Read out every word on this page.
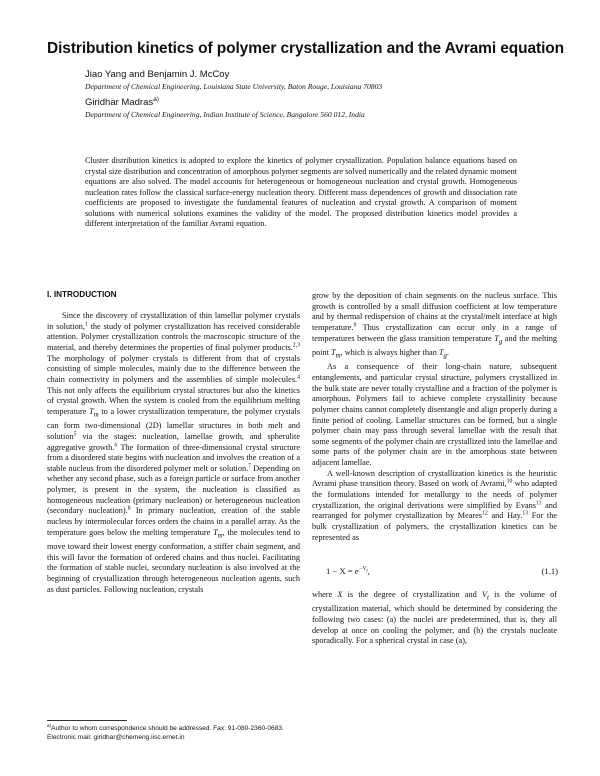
Distribution kinetics of polymer crystallization and the Avrami equation
Jiao Yang and Benjamin J. McCoy
Department of Chemical Engineering, Louisiana State University, Baton Rouge, Louisiana 70803
Giridhar Madras$^{a)}$
Department of Chemical Engineering, Indian Institute of Science, Bangalore 560 012, India
Cluster distribution kinetics is adopted to explore the kinetics of polymer crystallization. Population balance equations based on crystal size distribution and concentration of amorphous polymer segments are solved numerically and the related dynamic moment equations are also solved. The model accounts for heterogeneous or homogeneous nucleation and crystal growth. Homogeneous nucleation rates follow the classical surface-energy nucleation theory. Different mass dependences of growth and dissociation rate coefficients are proposed to investigate the fundamental features of nucleation and crystal growth. A comparison of moment solutions with numerical solutions examines the validity of the model. The proposed distribution kinetics model provides a different interpretation of the familiar Avrami equation.
I. INTRODUCTION

Since the discovery of crystallization of thin lamellar polymer crystals in solution,$^1$ the study of polymer crystallization has received considerable attention. Polymer crystallization controls the macroscopic structure of the material, and thereby determines the properties of final polymer products.$^{2,3}$ The morphology of polymer crystals is different from that of crystals consisting of simple molecules, mainly due to the difference between the chain connectivity in polymers and the assemblies of simple molecules.$^4$ This not only affects the equilibrium crystal structures but also the kinetics of crystal growth. When the system is cooled from the equilibrium melting temperature $T_m$ to a lower crystallization temperature, the polymer crystals can form two-dimensional (2D) lamellar structures in both melt and solution$^5$ via the stages: nucleation, lamellae growth, and spherulite aggregative growth.$^6$ The formation of three-dimensional crystal structure from a disordered state begins with nucleation and involves the creation of a stable nucleus from the disordered polymer melt or solution.$^7$ Depending on whether any second phase, such as a foreign particle or surface from another polymer, is present in the system, the nucleation is classified as homogeneous nucleation (primary nucleation) or heterogeneous nucleation (secondary nucleation).$^8$ In primary nucleation, creation of the stable nucleus by intermolecular forces orders the chains in a parallel array. As the temperature goes below the melting temperature $T_m$, the molecules tend to move toward their lowest energy conformation, a stiffer chain segment, and this will favor the formation of ordered chains and thus nuclei. Facilitating the formation of stable nuclei, secondary nucleation is also involved at the beginning of crystallization through heterogeneous nucleation agents, such as dust particles. Following nucleation, crystals

grow by the deposition of chain segments on the nucleus surface. This growth is controlled by a small diffusion coefficient at low temperature and by thermal redispersion of chains at the crystal/melt interface at high temperature.$^9$ Thus crystallization can occur only in a range of temperatures between the glass transition temperature $T_g$ and the melting point $T_m$, which is always higher than $T_g$.

As a consequence of their long-chain nature, subsequent entanglements, and particular crystal structure, polymers crystallized in the bulk state are never totally crystalline and a fraction of the polymer is amorphous. Polymers fail to achieve complete crystallinity because polymer chains cannot completely disentangle and align properly during a finite period of cooling. Lamellar structures can be formed, but a single polymer chain may pass through several lamellae with the result that some segments of the polymer chain are crystallized into the lamellae and some parts of the polymer chain are in the amorphous state between adjacent lamellae.

A well-known description of crystallization kinetics is the heuristic Avrami phase transition theory. Based on work of Avrami,$^{10}$ who adapted the formulations intended for metallurgy to the needs of polymer crystallization, the original derivations were simplified by Evans$^{11}$ and rearranged for polymer crystallization by Meares$^{12}$ and Hay.$^{13}$ For the bulk crystallization of polymers, the crystallization kinetics can be represented as

$1 - X = e^{-V_t}$,	(1.1)

where X is the degree of crystallization and $V_t$ is the volume of crystallization material, which should be determined by considering the following two cases: (a) the nuclei are predetermined, that is, they all develop at once on cooling the polymer, and (b) the crystals nucleate sporadically. For a spherical crystal in case (a),

$^{a)}$Author to whom correspondence should be addressed. Fax: 91-080-2360-0683. Electronic mail: giridhar@chemeng.iisc.ernet.in
